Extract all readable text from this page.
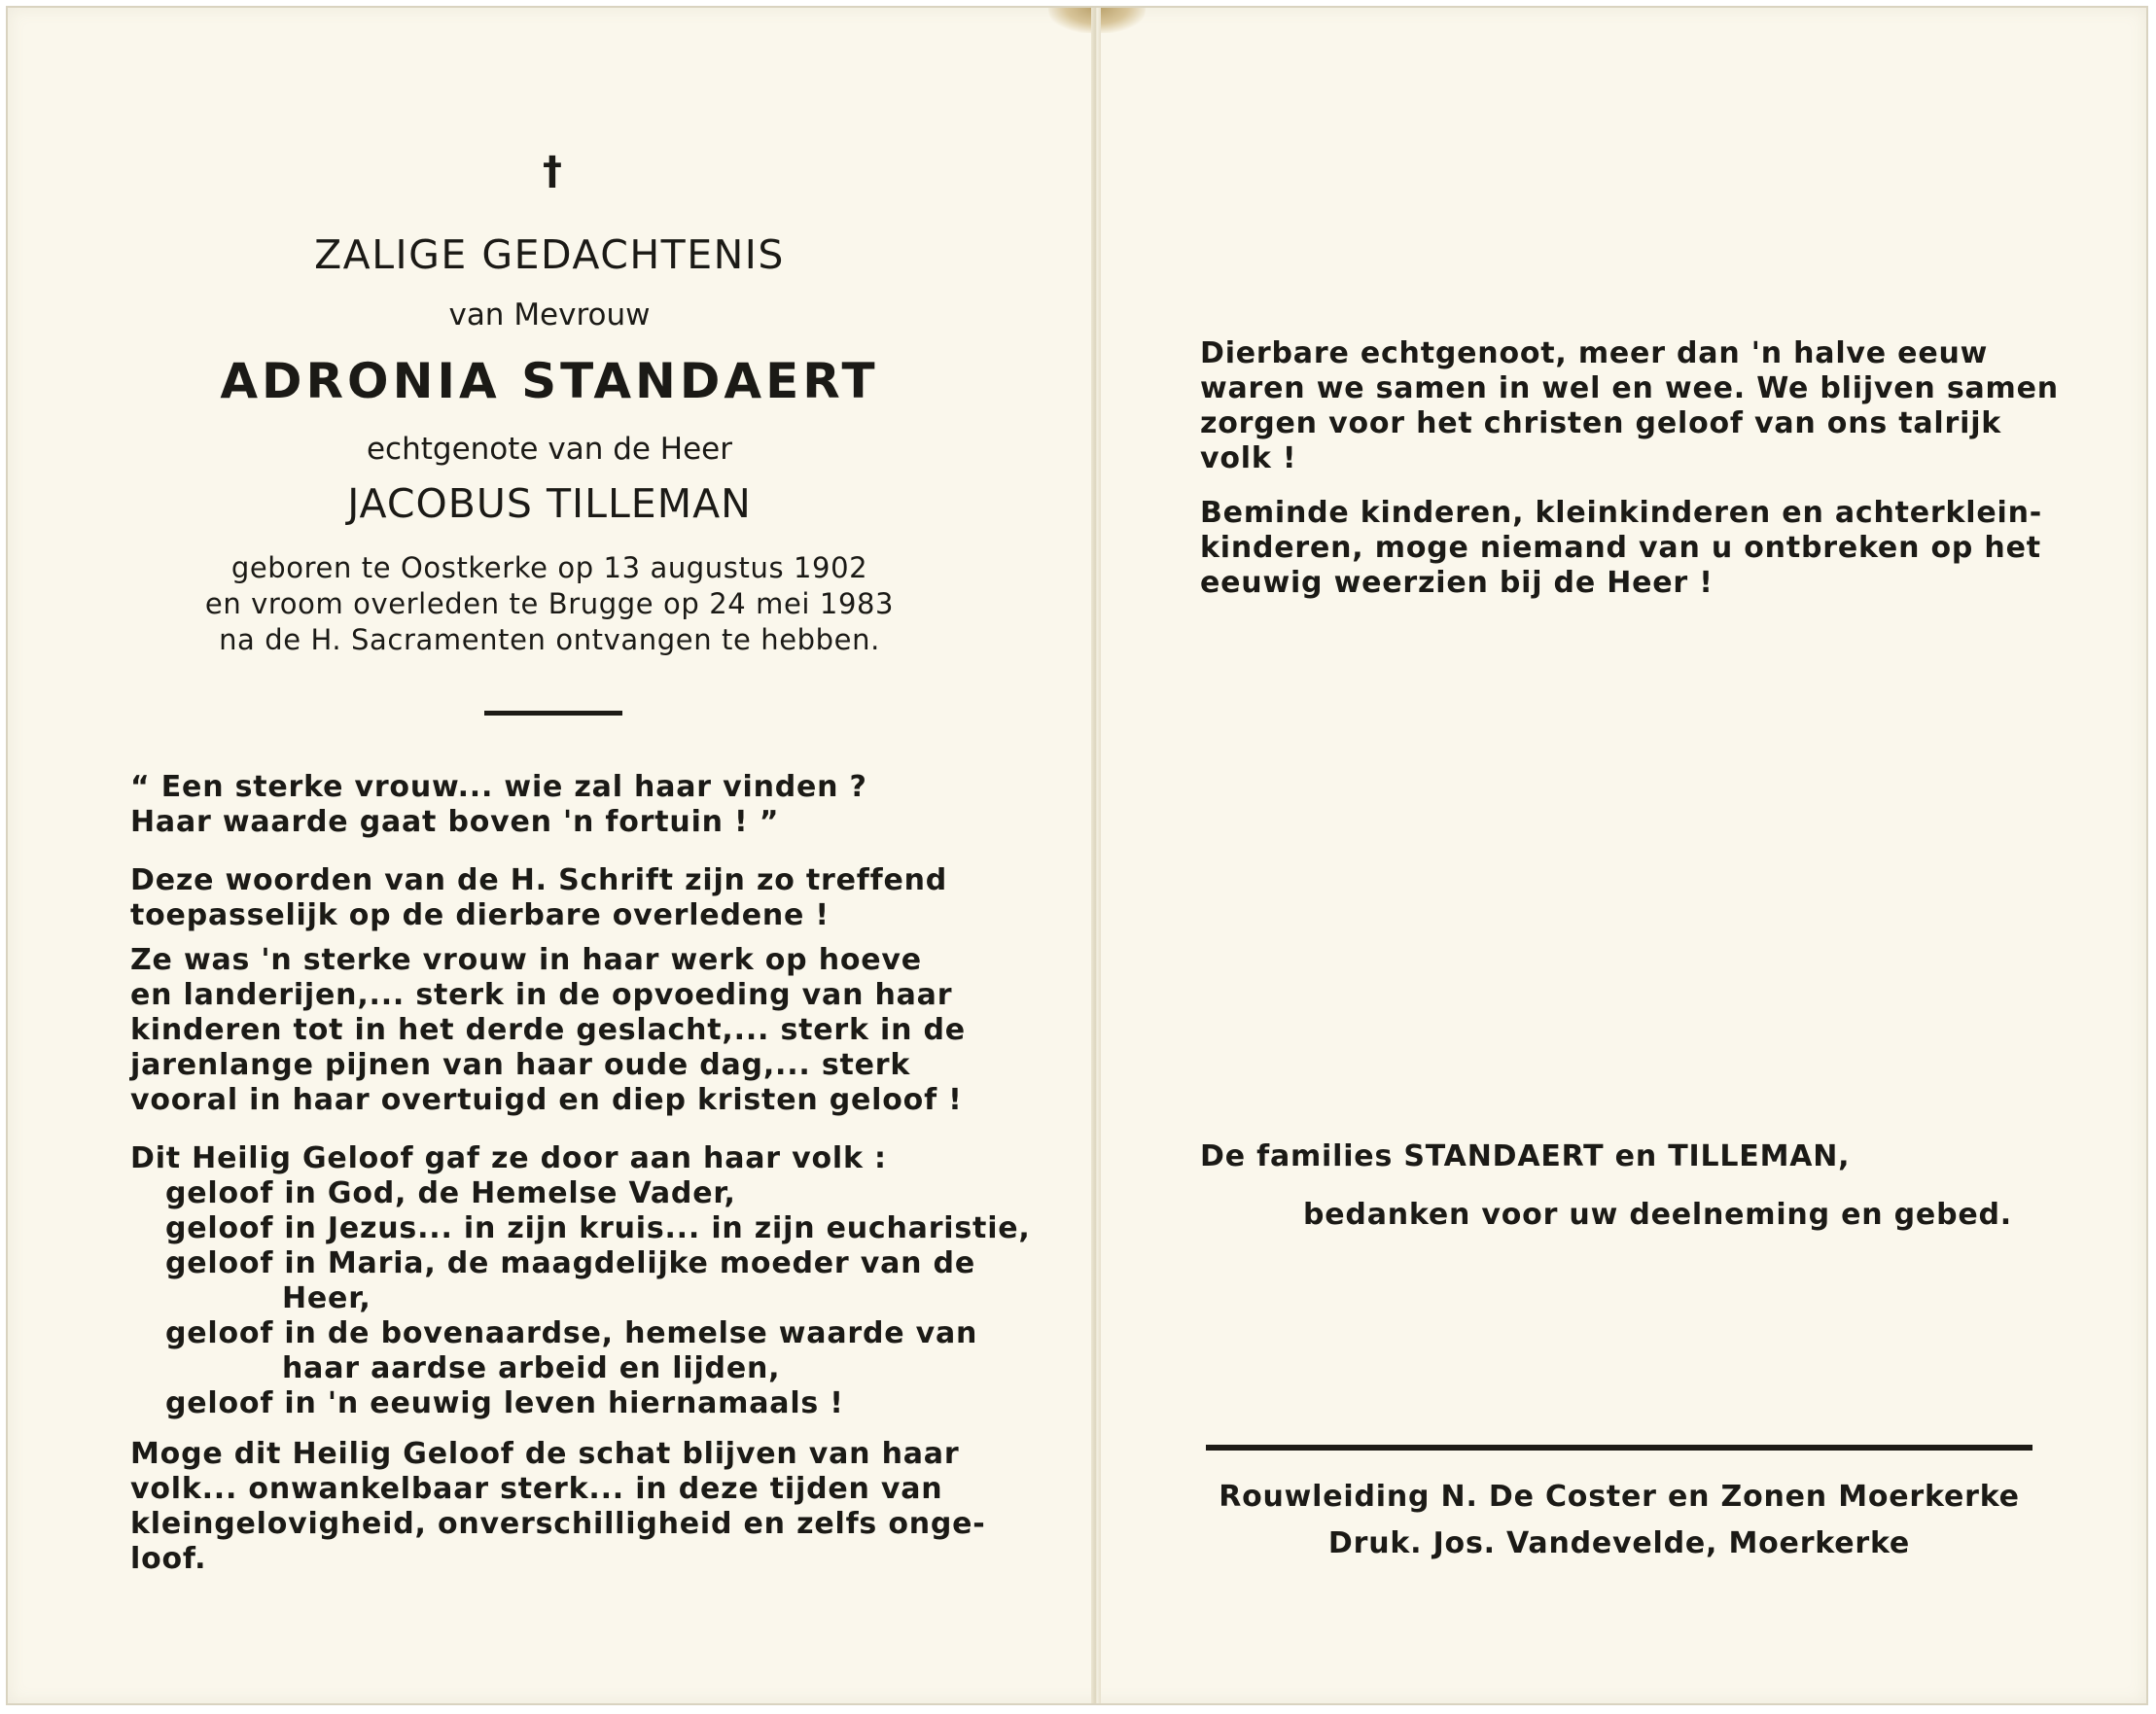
†
ZALIGE GEDACHTENIS
van Mevrouw
ADRONIA STANDAERT
echtgenote van de Heer
JACOBUS TILLEMAN
geboren te Oostkerke op 13 augustus 1902
en vroom overleden te Brugge op 24 mei 1983
na de H. Sacramenten ontvangen te hebben.
“ Een sterke vrouw... wie zal haar vinden ?
Haar waarde gaat boven 'n fortuin ! ”
Deze woorden van de H. Schrift zijn zo treffend
toepasselijk op de dierbare overledene !
Ze was 'n sterke vrouw in haar werk op hoeve
en landerijen,... sterk in de opvoeding van haar
kinderen tot in het derde geslacht,... sterk in de
jarenlange pijnen van haar oude dag,... sterk
vooral in haar overtuigd en diep kristen geloof !
Dit Heilig Geloof gaf ze door aan haar volk :
geloof in God, de Hemelse Vader,
geloof in Jezus... in zijn kruis... in zijn eucharistie,
geloof in Maria, de maagdelijke moeder van de
Heer,
geloof in de bovenaardse, hemelse waarde van
haar aardse arbeid en lijden,
geloof in 'n eeuwig leven hiernamaals !
Moge dit Heilig Geloof de schat blijven van haar
volk... onwankelbaar sterk... in deze tijden van
kleingelovigheid, onverschilligheid en zelfs onge-
loof.
Dierbare echtgenoot, meer dan 'n halve eeuw
waren we samen in wel en wee. We blijven samen
zorgen voor het christen geloof van ons talrijk
volk !
Beminde kinderen, kleinkinderen en achterklein-
kinderen, moge niemand van u ontbreken op het
eeuwig weerzien bij de Heer !
De families STANDAERT en TILLEMAN,
bedanken voor uw deelneming en gebed.
Rouwleiding N. De Coster en Zonen Moerkerke
Druk. Jos. Vandevelde, Moerkerke
